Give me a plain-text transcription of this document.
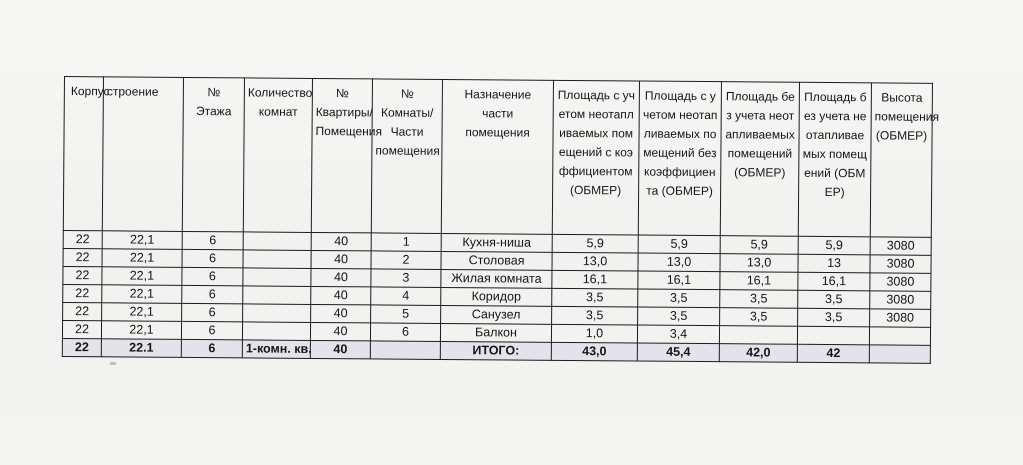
Корпус	строение	№ Этажа	Количество комнат	№ Квартиры/ Помещения	№ Комнаты/ Части помещения	Назначение части помещения	Площадь с учетом неотапливаемых помещений с коэффициентом (ОБМЕР)	Площадь с учетом неотапливаемых помещений без коэффициента (ОБМЕР)	Площадь без учета неотапливаемых помещений (ОБМЕР)	Площадь без учета неотапливаемых помещений (ОБМЕР)	Высота помещения (ОБМЕР)
22	22,1	6		40	1	Кухня-ниша	5,9	5,9	5,9	5,9	3080
22	22,1	6		40	2	Столовая	13,0	13,0	13,0	13	3080
22	22,1	6		40	3	Жилая комната	16,1	16,1	16,1	16,1	3080
22	22,1	6		40	4	Коридор	3,5	3,5	3,5	3,5	3080
22	22,1	6		40	5	Санузел	3,5	3,5	3,5	3,5	3080
22	22,1	6		40	6	Балкон	1,0	3,4			
22	22.1	6	1-комн. кв.	40		ИТОГО:	43,0	45,4	42,0	42	
